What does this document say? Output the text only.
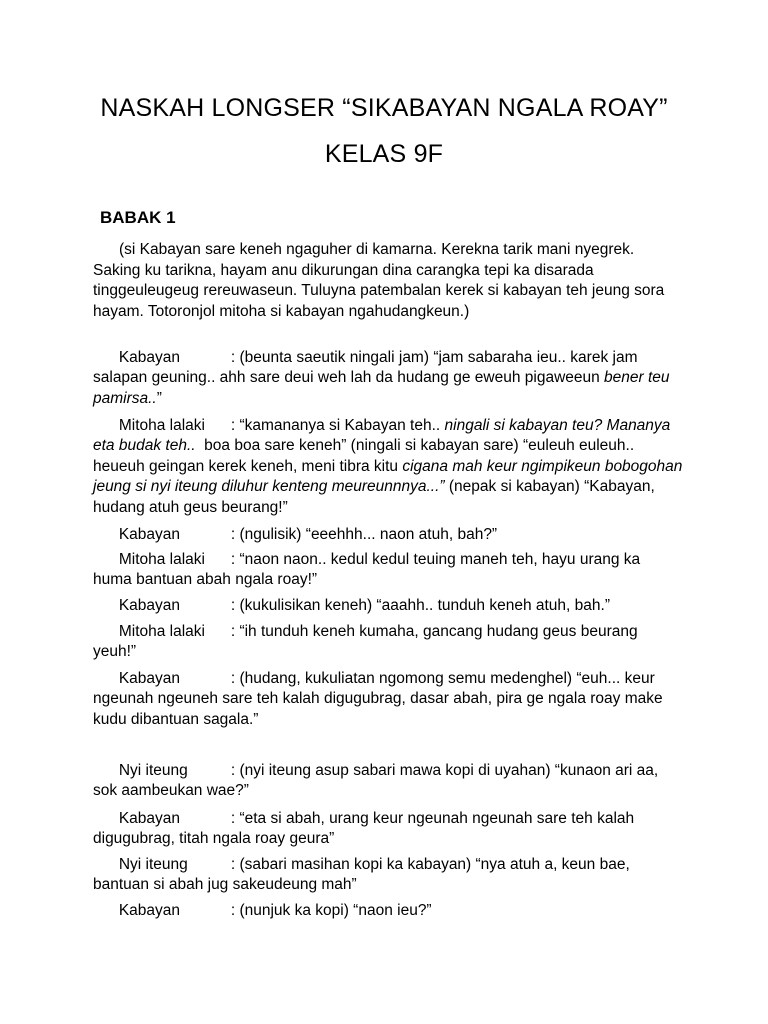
NASKAH LONGSER “SIKABAYAN NGALA ROAY”
KELAS 9F
BABAK 1

(si Kabayan sare keneh ngaguher di kamarna. Kerekna tarik mani nyegrek. Saking ku tarikna, hayam anu dikurungan dina carangka tepi ka disarada tinggeuleugeug rereuwaseun. Tuluyna patembalan kerek si kabayan teh jeung sora hayam. Totoronjol mitoha si kabayan ngahudangkeun.)

Kabayan	: (beunta saeutik ningali jam) “jam sabaraha ieu.. karek jam salapan geuning.. ahh sare deui weh lah da hudang ge eweuh pigaweeun bener teu pamirsa..”

Mitoha lalaki : “kamananya si Kabayan teh.. ningali si kabayan teu? Mananya eta budak teh..  boa boa sare keneh” (ningali si kabayan sare) “euleuh euleuh.. heueuh geingan kerek keneh, meni tibra kitu cigana mah keur ngimpikeun bobogohan jeung si nyi iteung diluhur kenteng meureunnnya...” (nepak si kabayan) “Kabayan, hudang atuh geus beurang!”

Kabayan	: (ngulisik) “eeehhh... naon atuh, bah?”

Mitoha lalaki : “naon naon.. kedul kedul teuing maneh teh, hayu urang ka huma bantuan abah ngala roay!”

Kabayan	: (kukulisikan keneh) “aaahh.. tunduh keneh atuh, bah.”

Mitoha lalaki : “ih tunduh keneh kumaha, gancang hudang geus beurang yeuh!”

Kabayan	: (hudang, kukuliatan ngomong semu medenghel) “euh... keur ngeunah ngeuneh sare teh kalah digugubrag, dasar abah, pira ge ngala roay make kudu dibantuan sagala.”

Nyi iteung	: (nyi iteung asup sabari mawa kopi di uyahan) “kunaon ari aa, sok aambeukan wae?”

Kabayan	: “eta si abah, urang keur ngeunah ngeunah sare teh kalah digugubrag, titah ngala roay geura”

Nyi iteung	: (sabari masihan kopi ka kabayan) “nya atuh a, keun bae, bantuan si abah jug sakeudeung mah”

Kabayan	: (nunjuk ka kopi) “naon ieu?”
